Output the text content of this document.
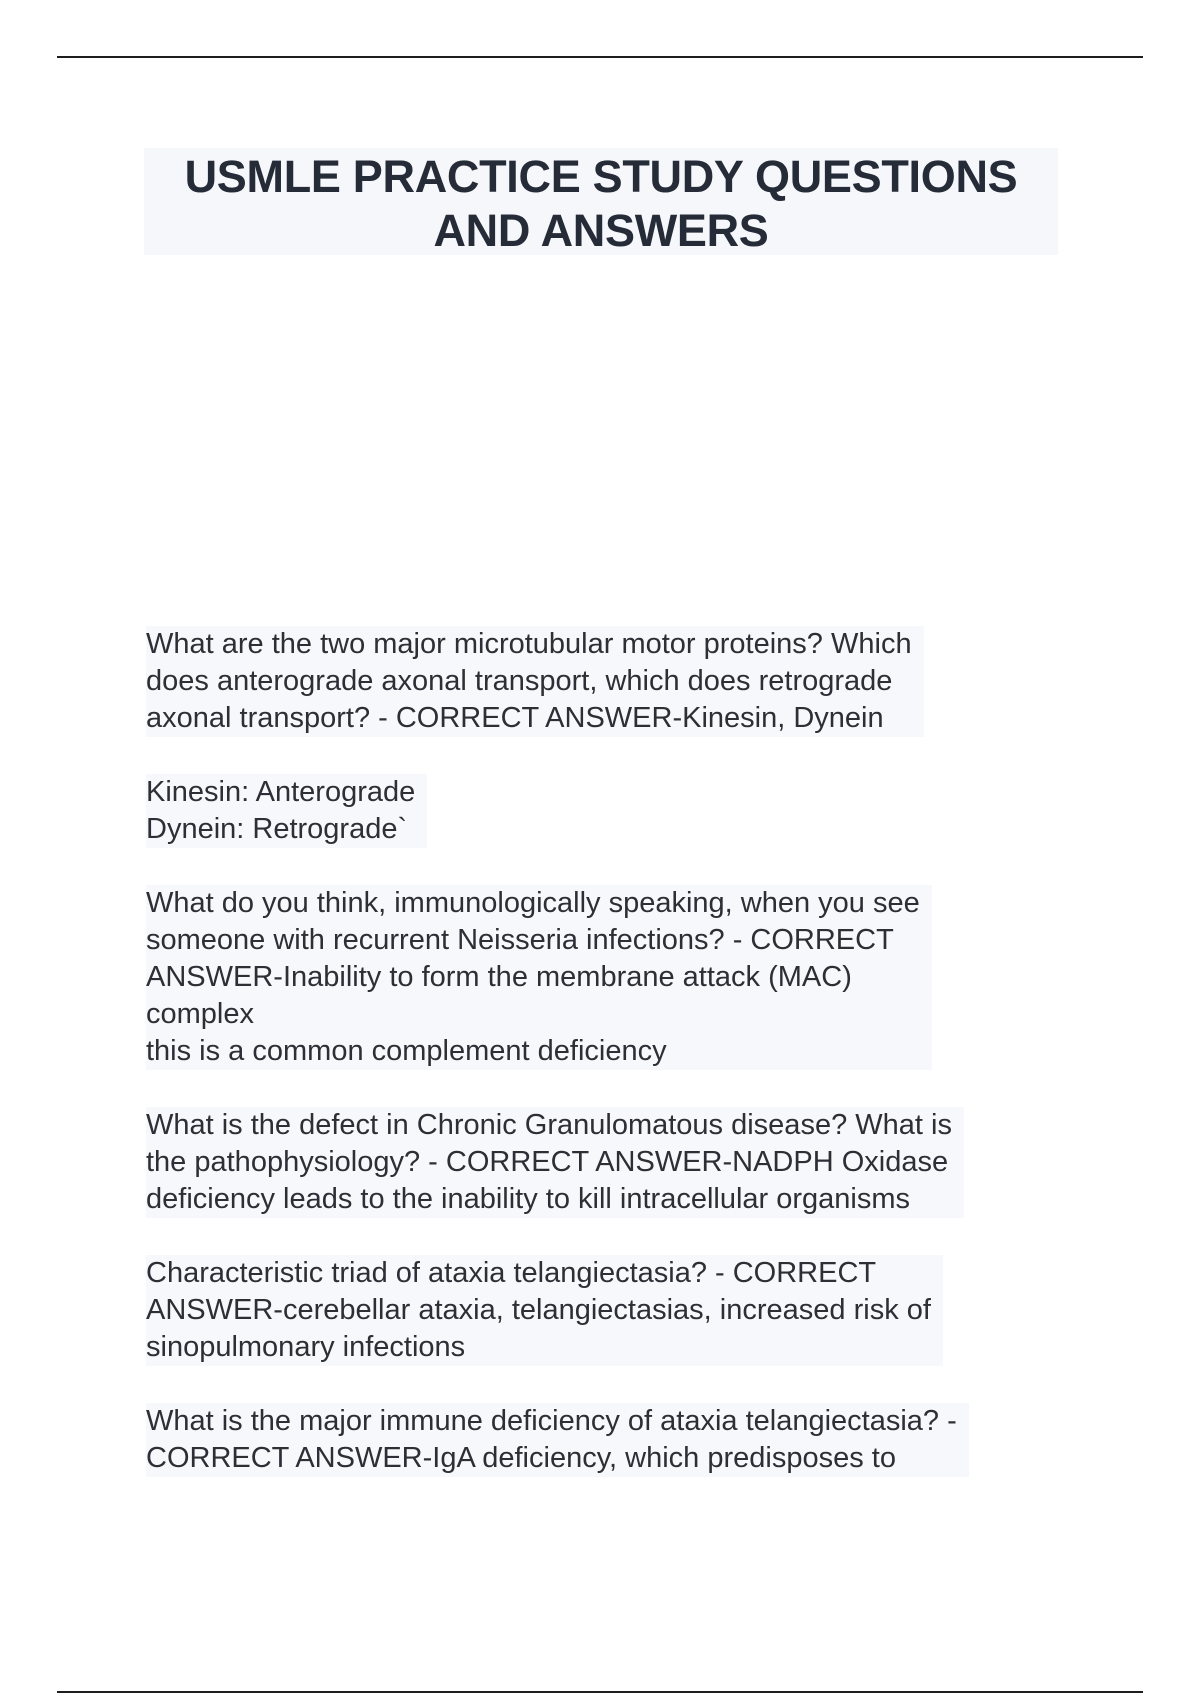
USMLE PRACTICE STUDY QUESTIONS
AND ANSWERS
What are the two major microtubular motor proteins? Which
does anterograde axonal transport, which does retrograde
axonal transport? - CORRECT ANSWER-Kinesin, Dynein

Kinesin: Anterograde
Dynein: Retrograde`

What do you think, immunologically speaking, when you see
someone with recurrent Neisseria infections? - CORRECT
ANSWER-Inability to form the membrane attack (MAC)
complex
this is a common complement deficiency

What is the defect in Chronic Granulomatous disease? What is
the pathophysiology? - CORRECT ANSWER-NADPH Oxidase
deficiency leads to the inability to kill intracellular organisms

Characteristic triad of ataxia telangiectasia? - CORRECT
ANSWER-cerebellar ataxia, telangiectasias, increased risk of
sinopulmonary infections

What is the major immune deficiency of ataxia telangiectasia? -
CORRECT ANSWER-IgA deficiency, which predisposes to
